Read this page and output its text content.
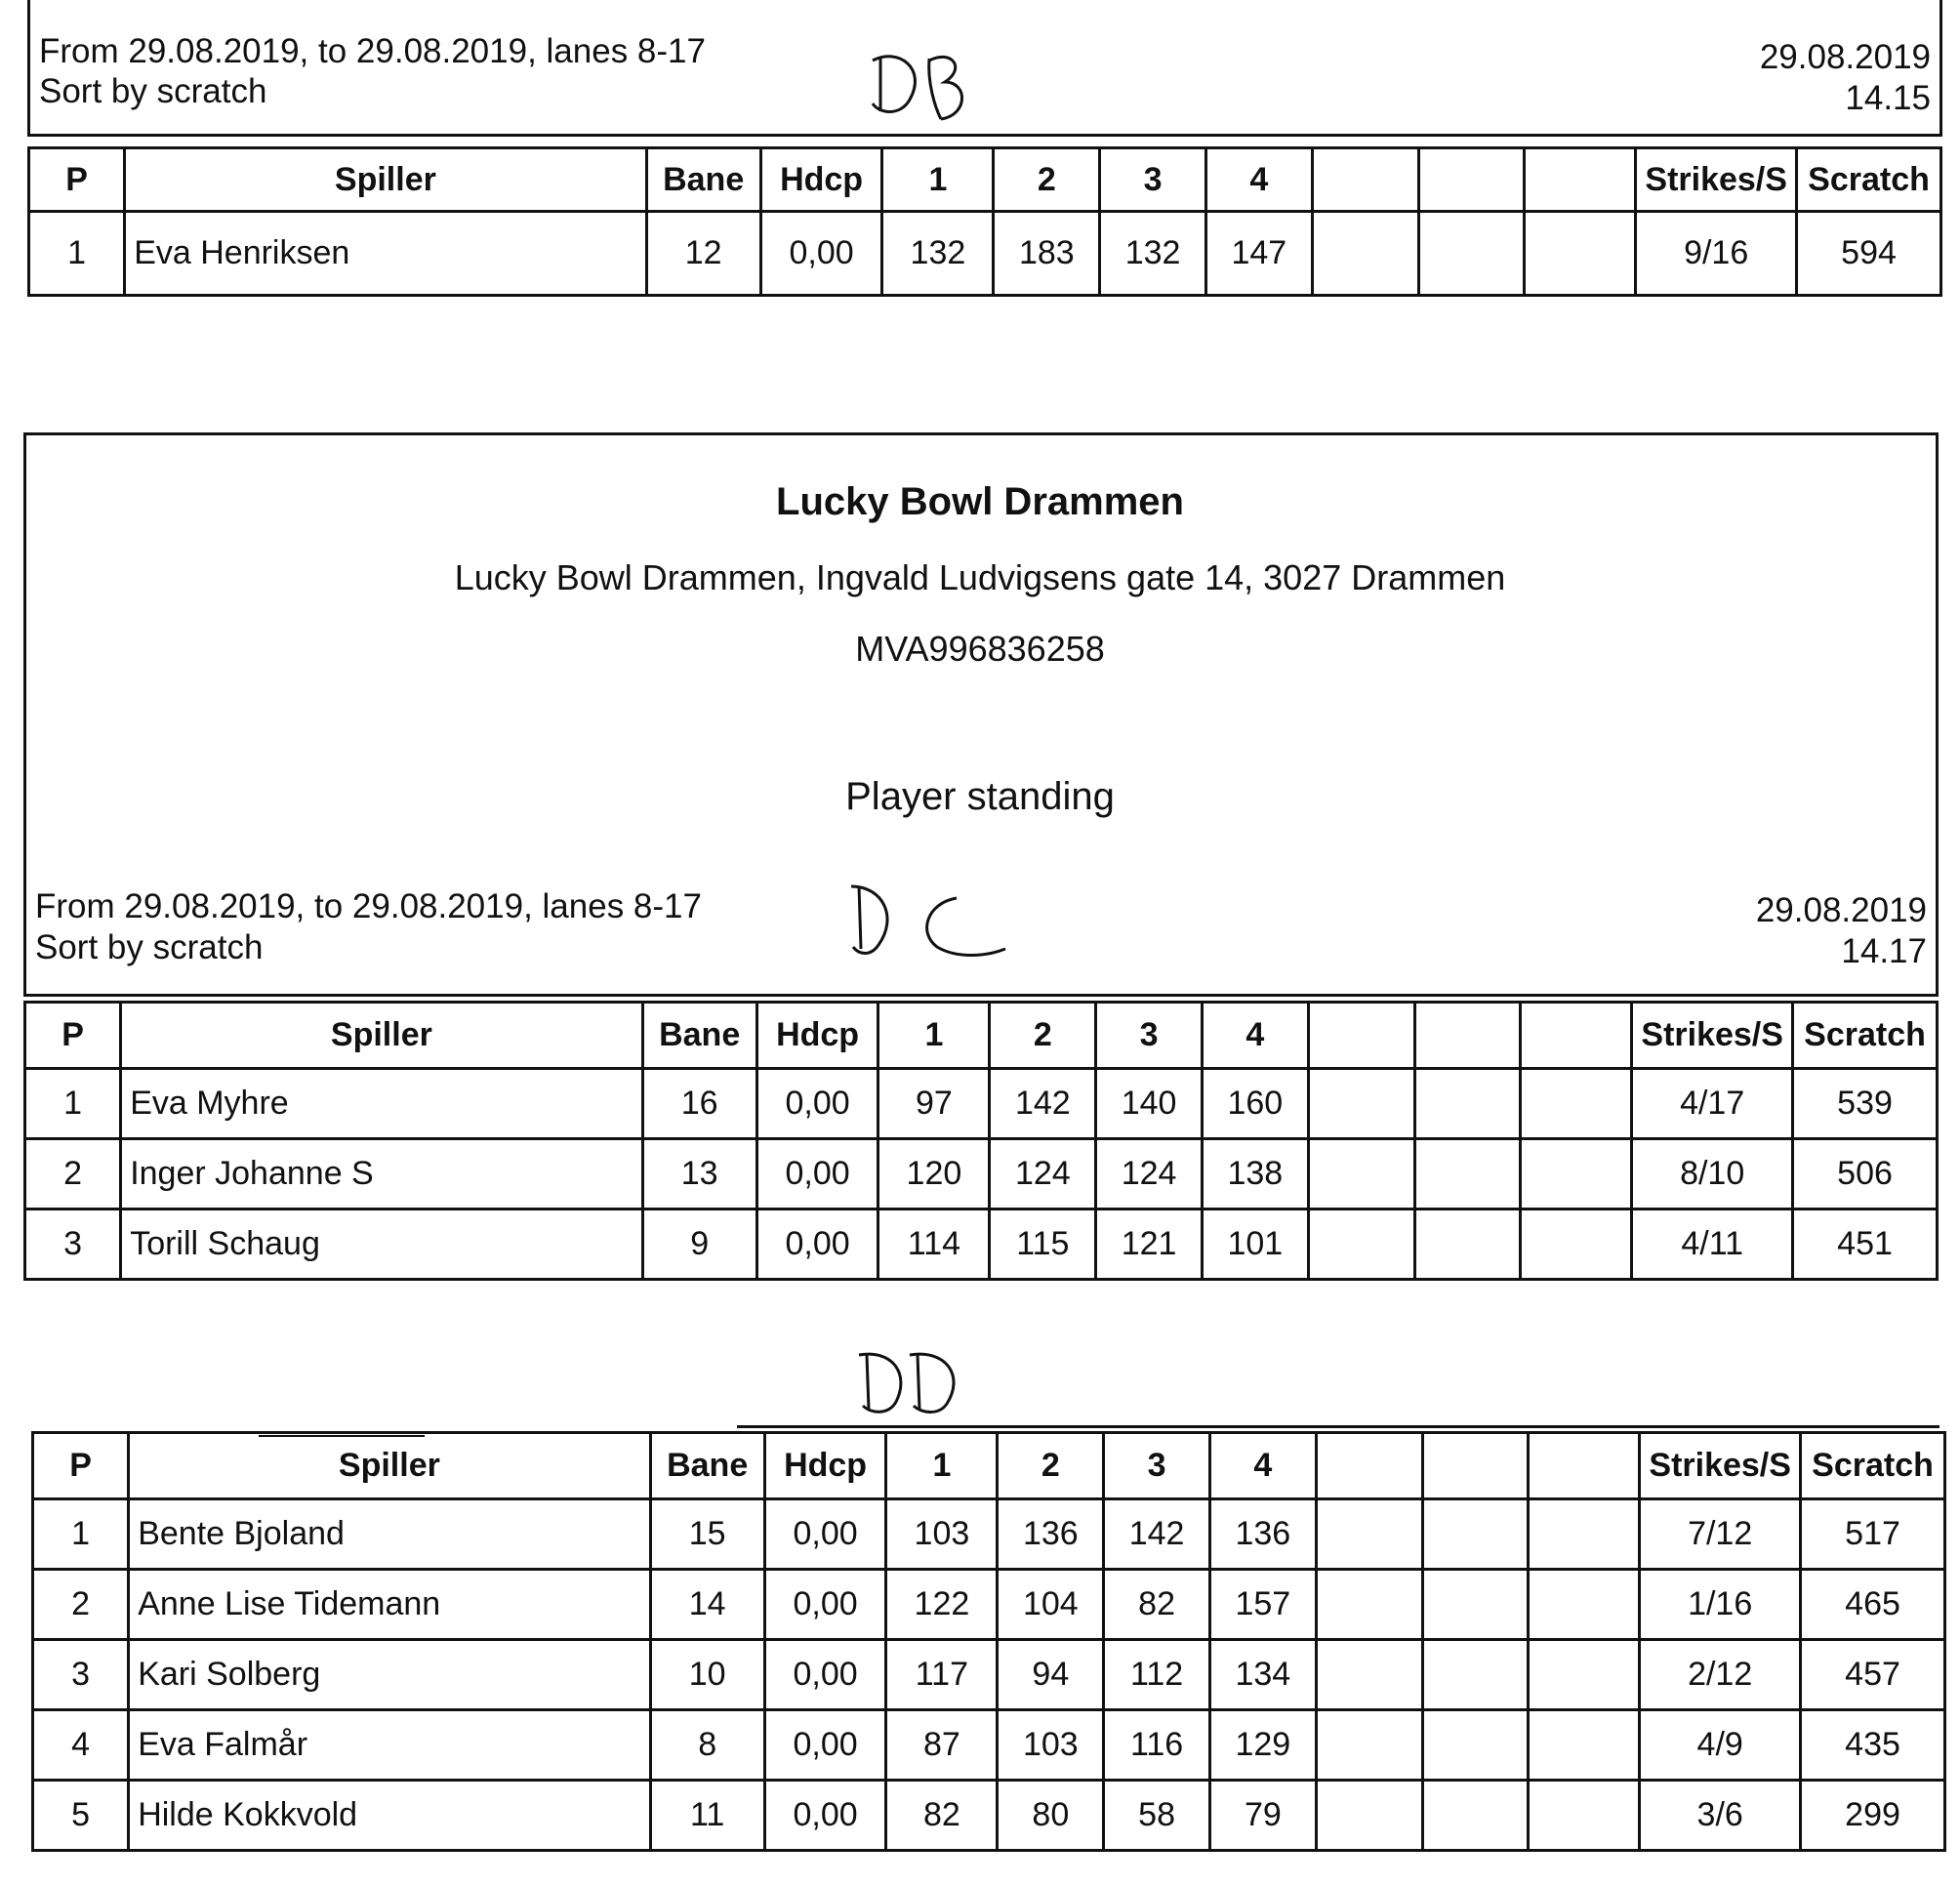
From 29.08.2019, to 29.08.2019, lanes 8-17
Sort by scratch
29.08.2019
14.15
P	Spiller	Bane	Hdcp	1	2	3	4				Strikes/S	Scratch
1	Eva Henriksen	12	0,00	132	183	132	147				9/16	594
Lucky Bowl Drammen
Lucky Bowl Drammen, Ingvald Ludvigsens gate 14, 3027 Drammen
MVA996836258
Player standing
From 29.08.2019, to 29.08.2019, lanes 8-17
Sort by scratch
29.08.2019
14.17
P	Spiller	Bane	Hdcp	1	2	3	4				Strikes/S	Scratch
1	Eva Myhre	16	0,00	97	142	140	160				4/17	539
2	Inger Johanne S	13	0,00	120	124	124	138				8/10	506
3	Torill Schaug	9	0,00	114	115	121	101				4/11	451
P	Spiller	Bane	Hdcp	1	2	3	4				Strikes/S	Scratch
1	Bente Bjoland	15	0,00	103	136	142	136				7/12	517
2	Anne Lise Tidemann	14	0,00	122	104	82	157				1/16	465
3	Kari Solberg	10	0,00	117	94	112	134				2/12	457
4	Eva Falmår	8	0,00	87	103	116	129				4/9	435
5	Hilde Kokkvold	11	0,00	82	80	58	79				3/6	299
